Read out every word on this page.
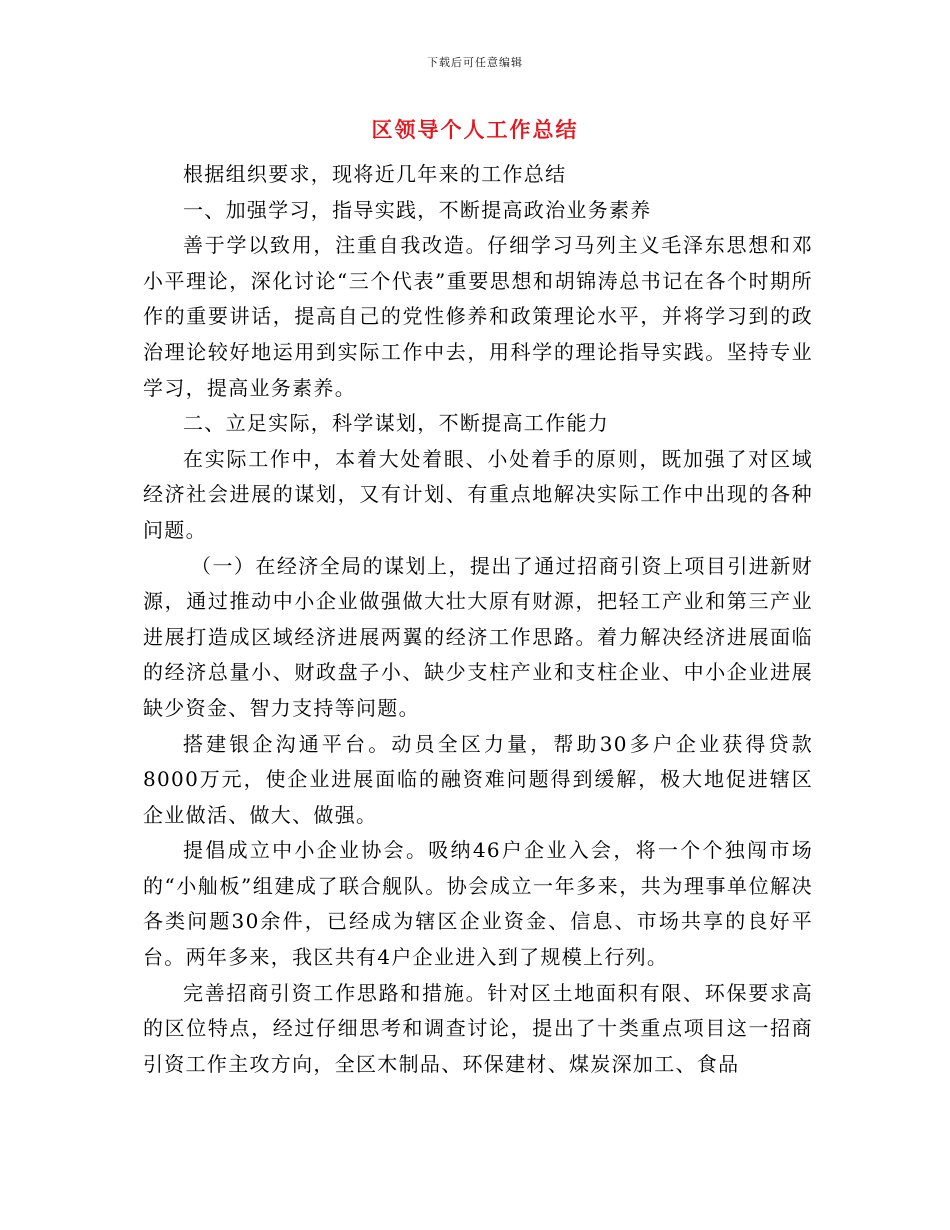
下载后可任意编辑
区领导个人工作总结

根据组织要求，现将近几年来的工作总结

一、加强学习，指导实践，不断提高政治业务素养

善于学以致用，注重自我改造。仔细学习马列主义毛泽东思想和邓小平理论，深化讨论“三个代表”重要思想和胡锦涛总书记在各个时期所作的重要讲话，提高自己的党性修养和政策理论水平，并将学习到的政治理论较好地运用到实际工作中去，用科学的理论指导实践。坚持专业学习，提高业务素养。

二、立足实际，科学谋划，不断提高工作能力

在实际工作中，本着大处着眼、小处着手的原则，既加强了对区域经济社会进展的谋划，又有计划、有重点地解决实际工作中出现的各种问题。

（一）在经济全局的谋划上，提出了通过招商引资上项目引进新财源，通过推动中小企业做强做大壮大原有财源，把轻工产业和第三产业进展打造成区域经济进展两翼的经济工作思路。着力解决经济进展面临的经济总量小、财政盘子小、缺少支柱产业和支柱企业、中小企业进展缺少资金、智力支持等问题。

搭建银企沟通平台。动员全区力量，帮助30多户企业获得贷款8000万元，使企业进展面临的融资难问题得到缓解，极大地促进辖区企业做活、做大、做强。

提倡成立中小企业协会。吸纳46户企业入会，将一个个独闯市场的“小舢板”组建成了联合舰队。协会成立一年多来，共为理事单位解决各类问题30余件，已经成为辖区企业资金、信息、市场共享的良好平台。两年多来，我区共有4户企业进入到了规模上行列。

完善招商引资工作思路和措施。针对区土地面积有限、环保要求高的区位特点，经过仔细思考和调查讨论，提出了十类重点项目这一招商引资工作主攻方向，全区木制品、环保建材、煤炭深加工、食品
